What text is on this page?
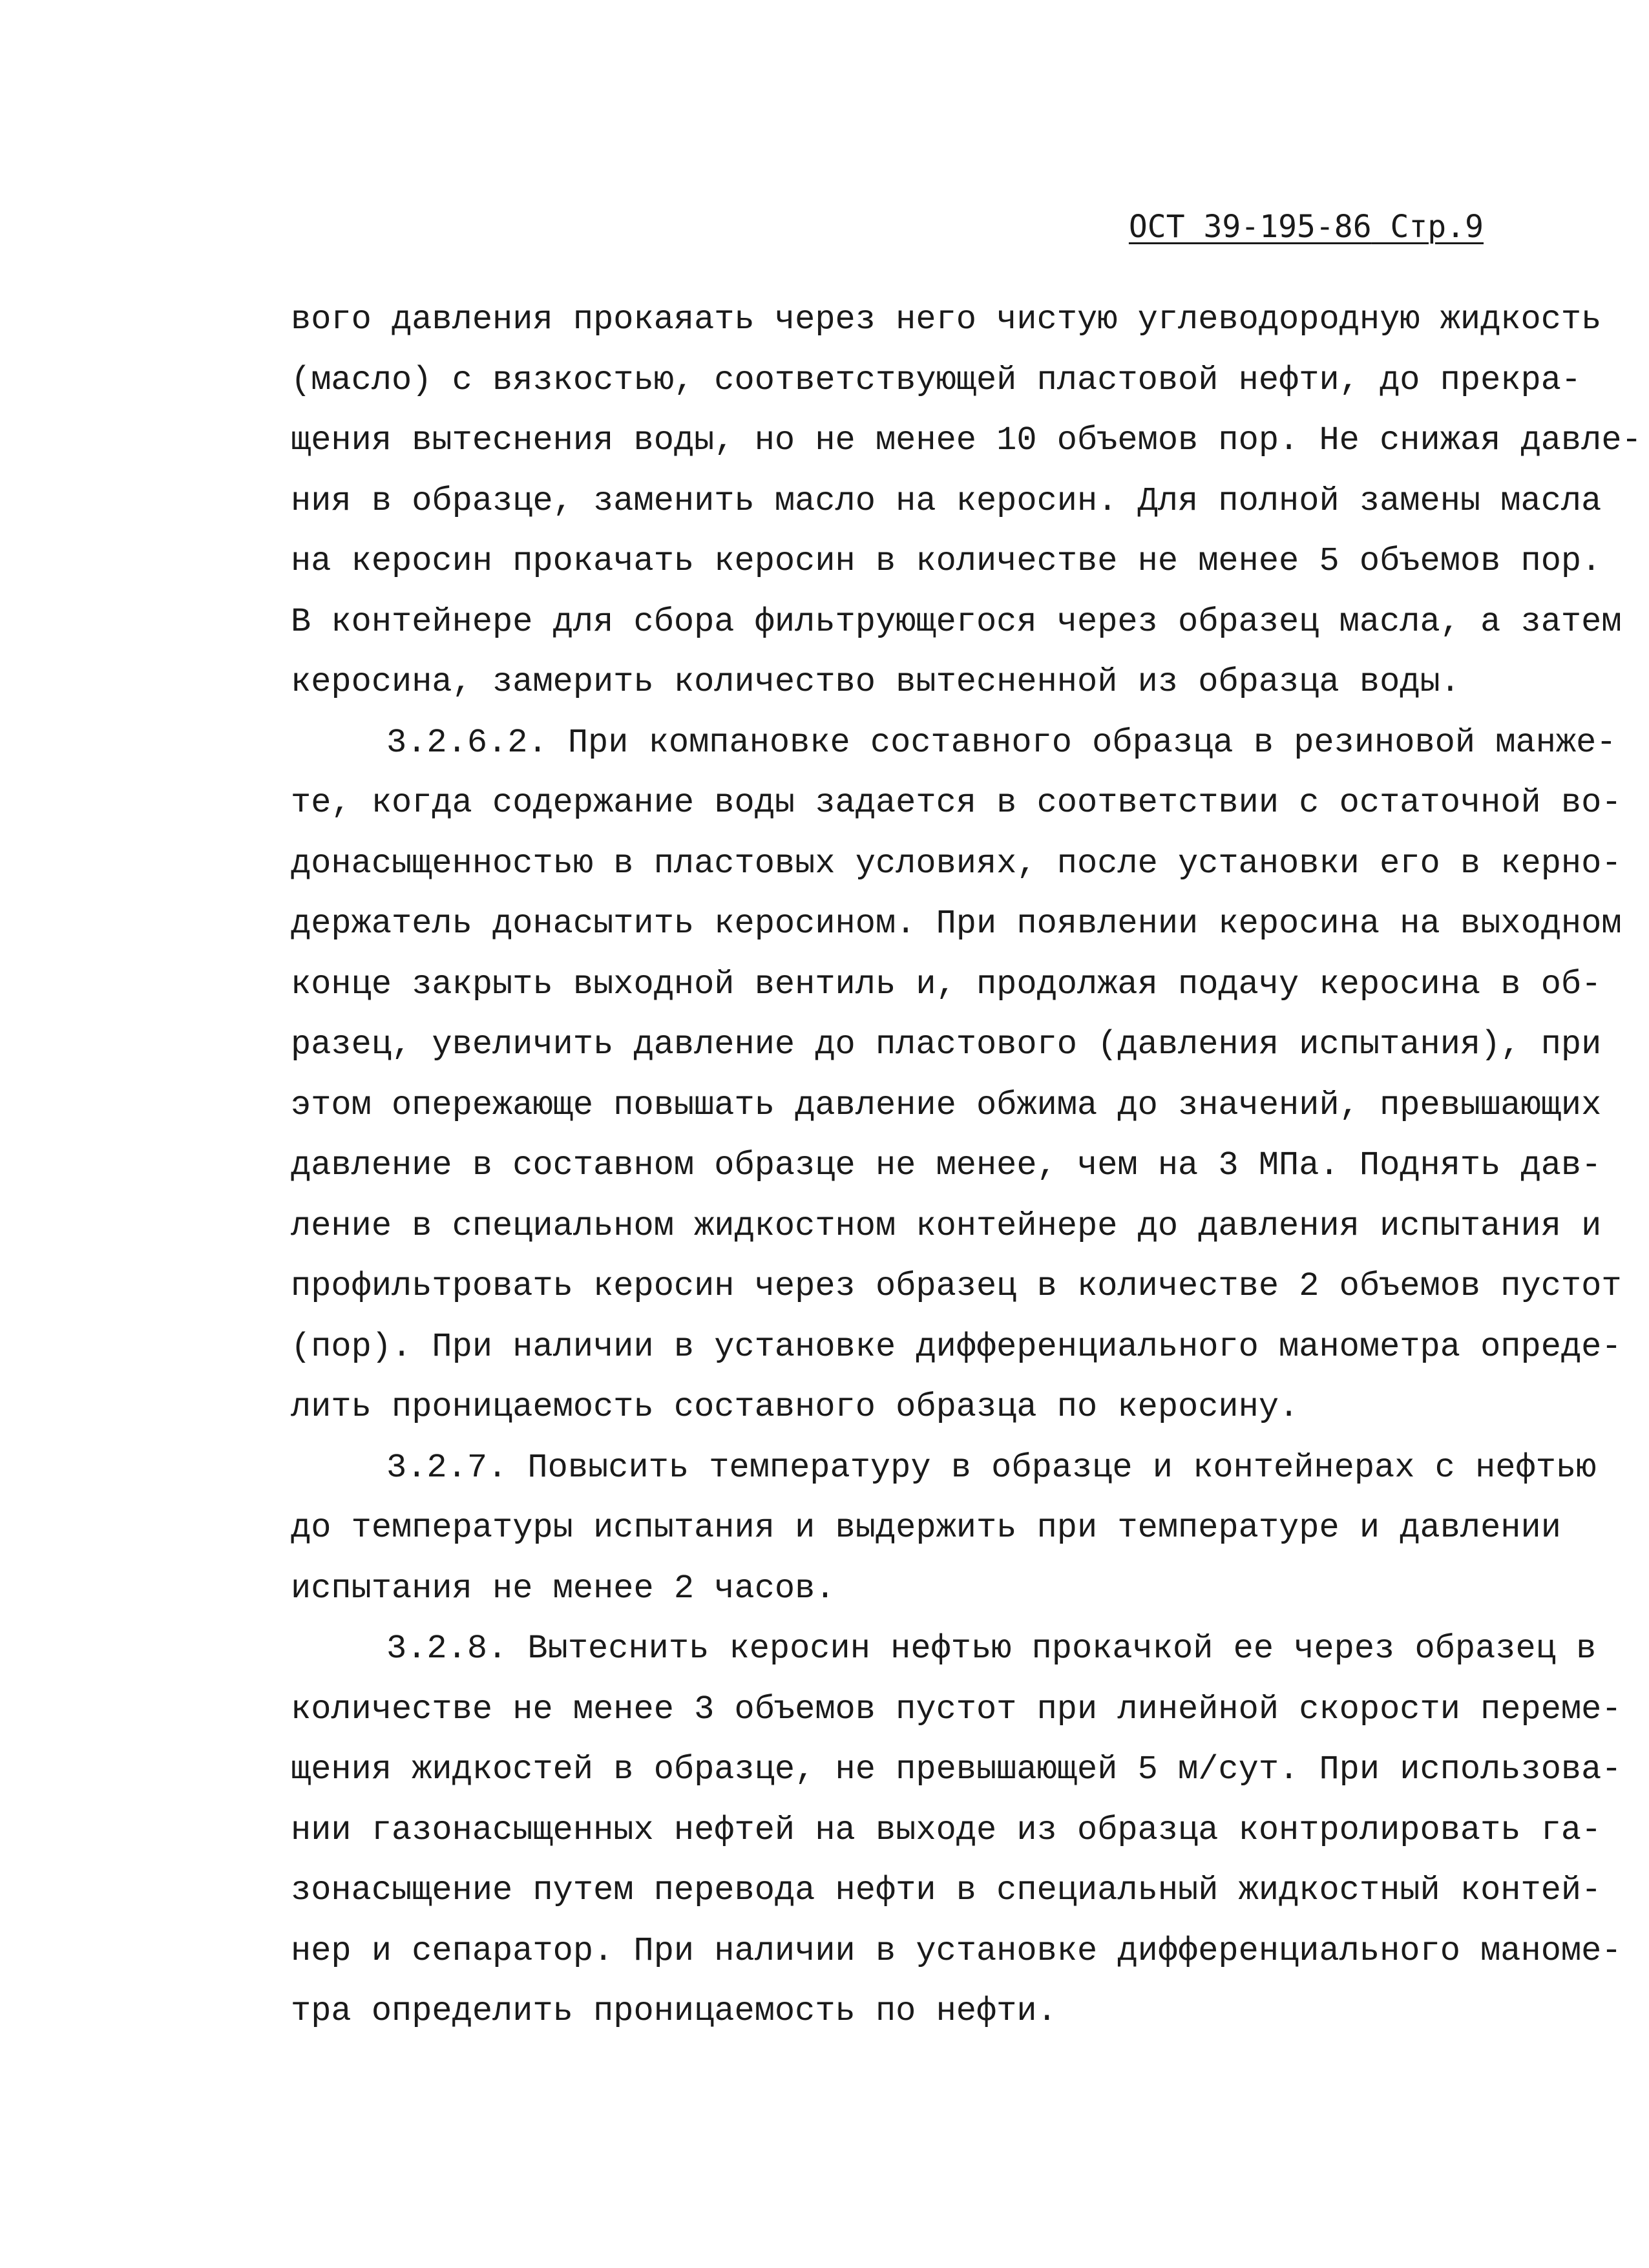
ОСТ 39-195-86 Стр.9
вого давления прокаяать через него чистую углеводородную жидкость
(масло) с вязкостью, соответствующей пластовой нефти, до прекра-
щения вытеснения воды, но не менее 10 объемов пор. Не снижая давле-
ния в образце, заменить масло на керосин. Для полной замены масла
на керосин прокачать керосин в количестве не менее 5 объемов пор.
В контейнере для сбора фильтрующегося через образец масла, а затем
керосина, замерить количество вытесненной из образца воды.
3.2.6.2. При компановке составного образца в резиновой манже-
те, когда содержание воды задается в соответствии с остаточной во-
донасыщенностью в пластовых условиях, после установки его в керно-
держатель донасытить керосином. При появлении керосина на выходном
конце закрыть выходной вентиль и, продолжая подачу керосина в об-
разец, увеличить давление до пластового (давления испытания), при
этом опережающе повышать давление обжима до значений, превышающих
давление в составном образце не менее, чем на 3 МПа. Поднять дав-
ление в специальном жидкостном контейнере до давления испытания и
профильтровать керосин через образец в количестве 2 объемов пустот
(пор). При наличии в установке дифференциального манометра опреде-
лить проницаемость составного образца по керосину.
3.2.7. Повысить температуру в образце и контейнерах с нефтью
до температуры испытания и выдержить при температуре и давлении
испытания не менее 2 часов.
3.2.8. Вытеснить керосин нефтью прокачкой ее через образец в
количестве не менее 3 объемов пустот при линейной скорости переме-
щения жидкостей в образце, не превышающей 5 м/сут. При использова-
нии газонасыщенных нефтей на выходе из образца контролировать га-
зонасыщение путем перевода нефти в специальный жидкостный контей-
нер и сепаратор. При наличии в установке дифференциального маноме-
тра определить проницаемость по нефти.
